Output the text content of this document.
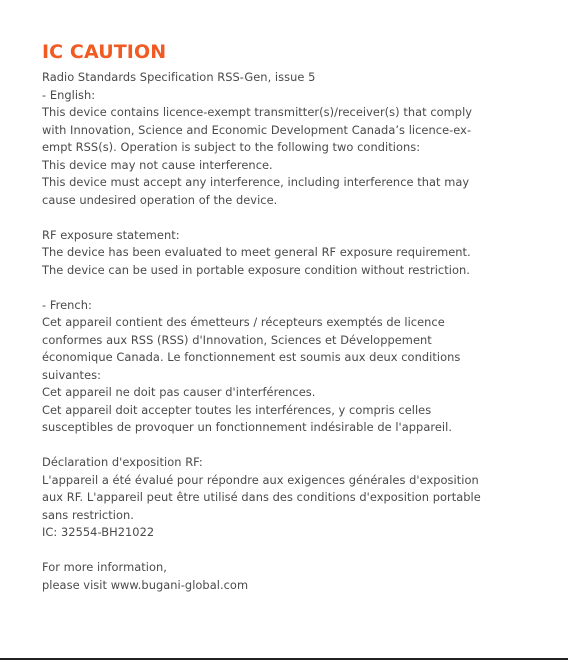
IC CAUTION
Radio Standards Specification RSS-Gen, issue 5
- English:
This device contains licence-exempt transmitter(s)/receiver(s) that comply
with Innovation, Science and Economic Development Canada’s licence-ex-
empt RSS(s). Operation is subject to the following two conditions:
This device may not cause interference.
This device must accept any interference, including interference that may
cause undesired operation of the device.
RF exposure statement:
The device has been evaluated to meet general RF exposure requirement.
The device can be used in portable exposure condition without restriction.
- French:
Cet appareil contient des émetteurs / récepteurs exemptés de licence
conformes aux RSS (RSS) d'Innovation, Sciences et Développement
économique Canada. Le fonctionnement est soumis aux deux conditions
suivantes:
Cet appareil ne doit pas causer d'interférences.
Cet appareil doit accepter toutes les interférences, y compris celles
susceptibles de provoquer un fonctionnement indésirable de l'appareil.
Déclaration d'exposition RF:
L'appareil a été évalué pour répondre aux exigences générales d'exposition
aux RF. L'appareil peut être utilisé dans des conditions d'exposition portable
sans restriction.
IC: 32554-BH21022
For more information,
please visit www.bugani-global.com
